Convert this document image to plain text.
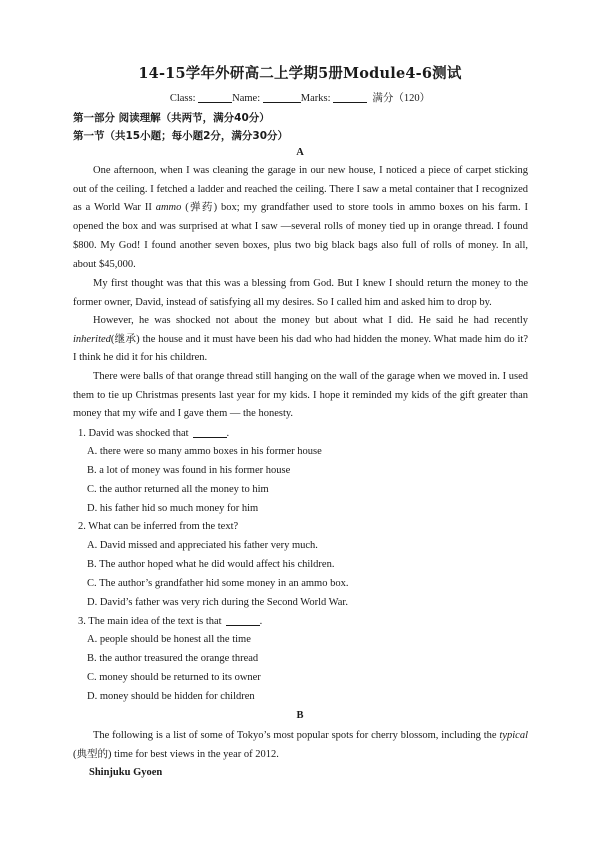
14-15学年外研高二上学期5册Module4-6测试
Class:	Name:	Marks:	满分（120）
第一部分 阅读理解（共两节，满分40分）
第一节（共15小题；每小题2分，满分30分）
A

One afternoon, when I was cleaning the garage in our new house, I noticed a piece of carpet sticking out of the ceiling. I fetched a ladder and reached the ceiling. There I saw a metal container that I recognized as a World War II ammo (弹药) box; my grandfather used to store tools in ammo boxes on his farm. I opened the box and was surprised at what I saw —several rolls of money tied up in orange thread. I found $800. My God! I found another seven boxes, plus two big black bags also full of rolls of money. In all, about $45,000.

My first thought was that this was a blessing from God. But I knew I should return the money to the former owner, David, instead of satisfying all my desires. So I called him and asked him to drop by.

However, he was shocked not about the money but about what I did. He said he had recently inherited(继承) the house and it must have been his dad who had hidden the money. What made him do it? I think he did it for his children.

There were balls of that orange thread still hanging on the wall of the garage when we moved in. I used them to tie up Christmas presents last year for my kids. I hope it reminded my kids of the gift greater than money that my wife and I gave them — the honesty.

1. David was shocked that	.
A. there were so many ammo boxes in his former house
B. a lot of money was found in his former house
C. the author returned all the money to him
D. his father hid so much money for him
2. What can be inferred from the text?
A. David missed and appreciated his father very much.
B. The author hoped what he did would affect his children.
C. The author’s grandfather hid some money in an ammo box.
D. David’s father was very rich during the Second World War.
3. The main idea of the text is that	.
A. people should be honest all the time
B. the author treasured the orange thread
C. money should be returned to its owner
D. money should be hidden for children
B

The following is a list of some of Tokyo’s most popular spots for cherry blossom, including the typical (典型的) time for best views in the year of 2012.

Shinjuku Gyoen
